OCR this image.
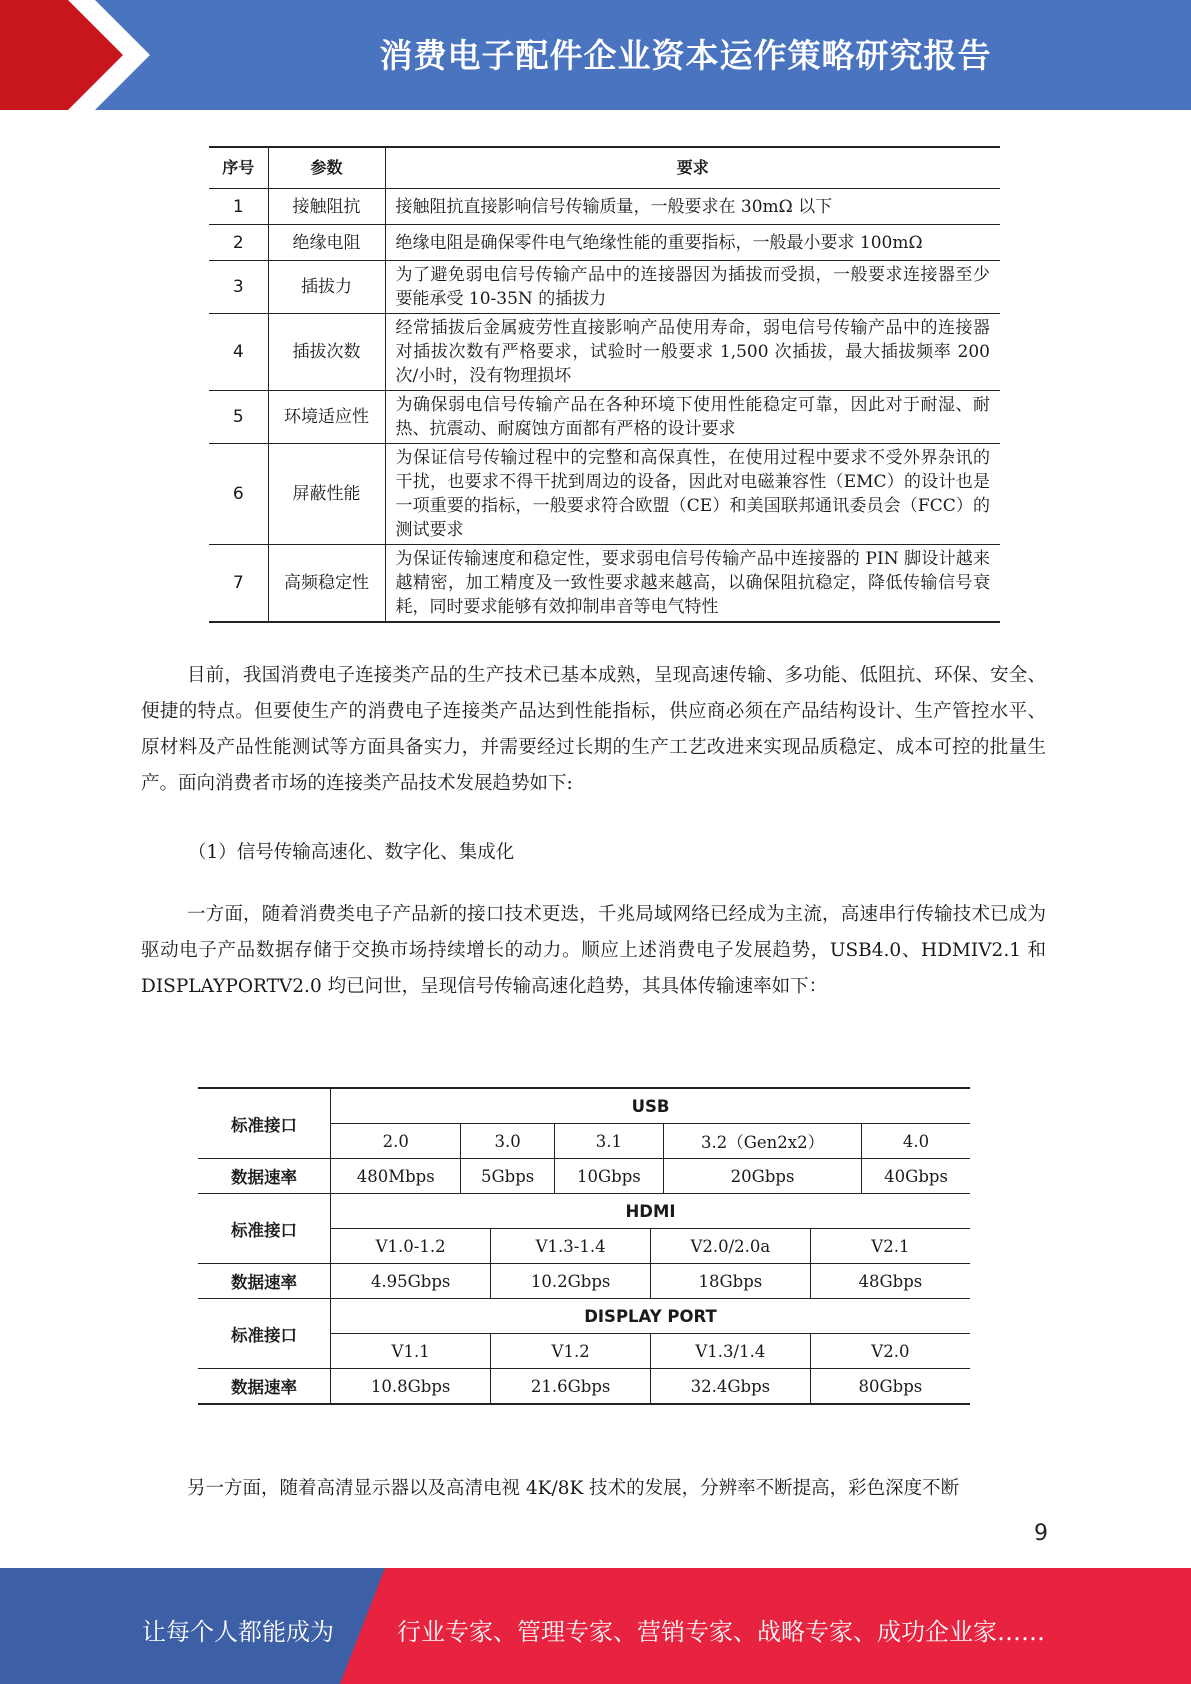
消费电子配件企业资本运作策略研究报告
序号	参数	要求
1	接触阻抗	接触阻抗直接影响信号传输质量，一般要求在 30mΩ 以下
2	绝缘电阻	绝缘电阻是确保零件电气绝缘性能的重要指标，一般最小要求 100mΩ
3	插拔力	为了避免弱电信号传输产品中的连接器因为插拔而受损，一般要求连接器至少要能承受 10-35N 的插拔力
4	插拔次数	经常插拔后金属疲劳性直接影响产品使用寿命，弱电信号传输产品中的连接器对插拔次数有严格要求，试验时一般要求 1,500 次插拔，最大插拔频率 200 次/小时，没有物理损坏
5	环境适应性	为确保弱电信号传输产品在各种环境下使用性能稳定可靠，因此对于耐湿、耐热、抗震动、耐腐蚀方面都有严格的设计要求
6	屏蔽性能	为保证信号传输过程中的完整和高保真性，在使用过程中要求不受外界杂讯的干扰，也要求不得干扰到周边的设备，因此对电磁兼容性（EMC）的设计也是一项重要的指标，一般要求符合欧盟（CE）和美国联邦通讯委员会（FCC）的测试要求
7	高频稳定性	为保证传输速度和稳定性，要求弱电信号传输产品中连接器的 PIN 脚设计越来越精密，加工精度及一致性要求越来越高，以确保阻抗稳定，降低传输信号衰耗，同时要求能够有效抑制串音等电气特性

目前，我国消费电子连接类产品的生产技术已基本成熟，呈现高速传输、多功能、低阻抗、环保、安全、便捷的特点。但要使生产的消费电子连接类产品达到性能指标，供应商必须在产品结构设计、生产管控水平、原材料及产品性能测试等方面具备实力，并需要经过长期的生产工艺改进来实现品质稳定、成本可控的批量生产。面向消费者市场的连接类产品技术发展趋势如下:

（1）信号传输高速化、数字化、集成化

一方面，随着消费类电子产品新的接口技术更迭，千兆局域网络已经成为主流，高速串行传输技术已成为驱动电子产品数据存储于交换市场持续增长的动力。顺应上述消费电子发展趋势，USB4.0、HDMIV2.1 和 DISPLAYPORTV2.0 均已问世，呈现信号传输高速化趋势，其具体传输速率如下：

标准接口	USB
2.0	3.0	3.1	3.2（Gen2x2）	4.0
数据速率	480Mbps	5Gbps	10Gbps	20Gbps	40Gbps
标准接口	HDMI

V1.0-1.2	V1.3-1.4	V2.0/2.0a	V2.1

数据速率		4.95Gbps	10.2Gbps	18Gbps	48Gbps

标准接口	DISPLAY PORT

V1.1	V1.2	V1.3/1.4	V2.0

数据速率		10.8Gbps	21.6Gbps	32.4Gbps	80Gbps

另一方面，随着高清显示器以及高清电视 4K/8K 技术的发展，分辨率不断提高，彩色深度不断

9
让每个人都能成为	行业专家、管理专家、营销专家、战略专家、成功企业家……
